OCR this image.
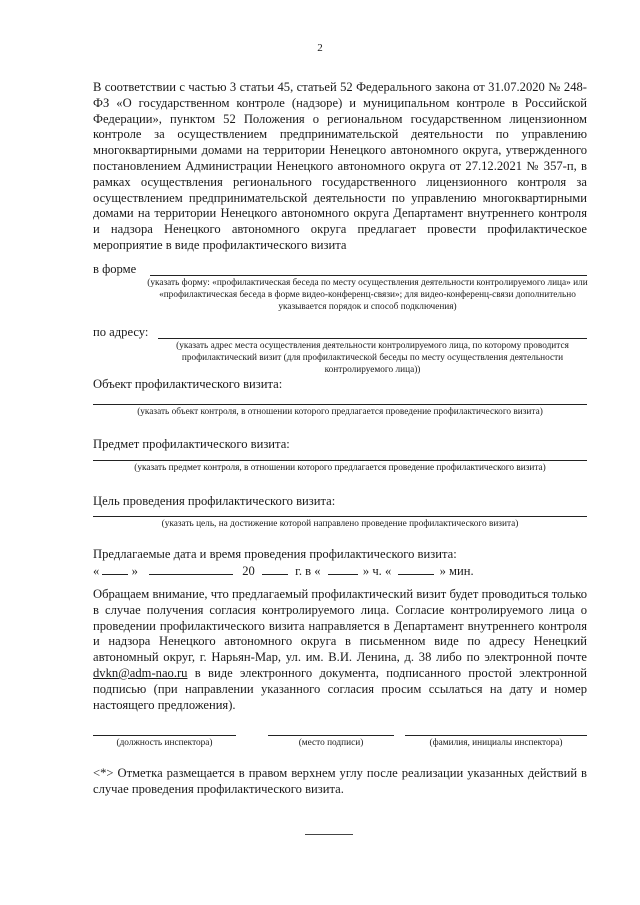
2
В соответствии с частью 3 статьи 45, статьей 52 Федерального закона от 31.07.2020 № 248-ФЗ «О государственном контроле (надзоре) и муниципальном контроле в Российской Федерации», пунктом 52 Положения о региональном государственном лицензионном контроле за осуществлением предпринимательской деятельности по управлению многоквартирными домами на территории Ненецкого автономного округа, утвержденного постановлением Администрации Ненецкого автономного округа от 27.12.2021 № 357-п, в рамках осуществления регионального государственного лицензионного контроля за осуществлением предпринимательской деятельности по управлению многоквартирными домами на территории Ненецкого автономного округа Департамент внутреннего контроля и надзора Ненецкого автономного округа предлагает провести профилактическое мероприятие в виде профилактического визита
в форме
(указать форму: «профилактическая беседа по месту осуществления деятельности контролируемого лица» или «профилактическая беседа в форме видео-конференц-связи»; для видео-конференц-связи дополнительно указывается порядок и способ подключения)
по адресу:
(указать адрес места осуществления деятельности контролируемого лица, по которому проводится профилактический визит (для профилактической беседы по месту осуществления деятельности контролируемого лица))
Объект профилактического визита:
(указать объект контроля, в отношении которого предлагается проведение профилактического визита)
Предмет профилактического визита:
(указать предмет контроля, в отношении которого предлагается проведение профилактического визита)
Цель проведения профилактического визита:
(указать цель, на достижение которой направлено проведение профилактического визита)
Предлагаемые дата и время проведения профилактического визита:
«	»	20	г. в «	» ч. «	» мин.
Обращаем внимание, что предлагаемый профилактический визит будет проводиться только в случае получения согласия контролируемого лица. Согласие контролируемого лица о проведении профилактического визита направляется в Департамент внутреннего контроля и надзора Ненецкого автономного округа в письменном виде по адресу Ненецкий автономный округ, г. Нарьян-Мар, ул. им. В.И. Ленина, д. 38 либо по электронной почте dvkn@adm-nao.ru в виде электронного документа, подписанного простой электронной подписью (при направлении указанного согласия просим ссылаться на дату и номер настоящего предложения).
(должность инспектора)	(место подписи)	(фамилия, инициалы инспектора)
<*> Отметка размещается в правом верхнем углу после реализации указанных действий в случае проведения профилактического визита.
